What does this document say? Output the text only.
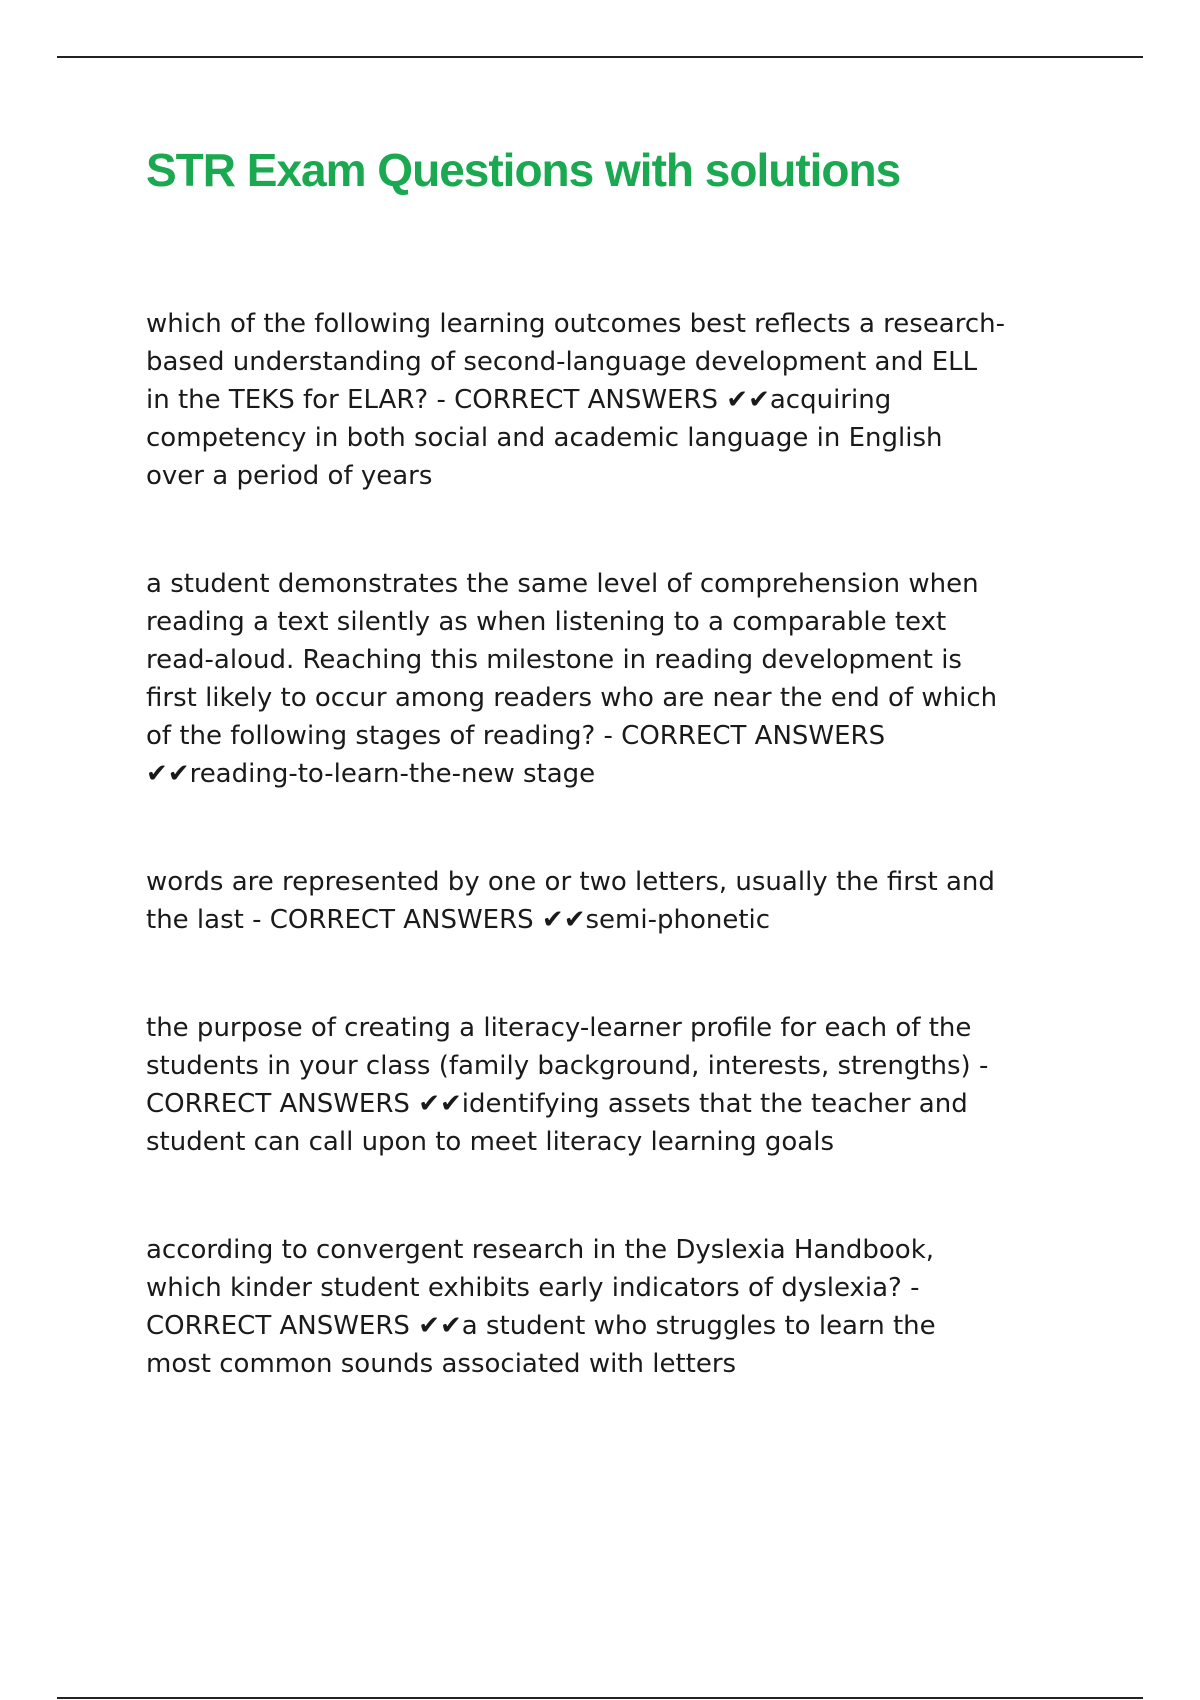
STR Exam Questions with solutions

which of the following learning outcomes best reflects a research-
based understanding of second-language development and ELL
in the TEKS for ELAR? - CORRECT ANSWERS ✔✔acquiring
competency in both social and academic language in English
over a period of years

a student demonstrates the same level of comprehension when
reading a text silently as when listening to a comparable text
read-aloud. Reaching this milestone in reading development is
first likely to occur among readers who are near the end of which
of the following stages of reading? - CORRECT ANSWERS
✔✔reading-to-learn-the-new stage

words are represented by one or two letters, usually the first and
the last - CORRECT ANSWERS ✔✔semi-phonetic

the purpose of creating a literacy-learner profile for each of the
students in your class (family background, interests, strengths) -
CORRECT ANSWERS ✔✔identifying assets that the teacher and
student can call upon to meet literacy learning goals

according to convergent research in the Dyslexia Handbook,
which kinder student exhibits early indicators of dyslexia? -
CORRECT ANSWERS ✔✔a student who struggles to learn the
most common sounds associated with letters
